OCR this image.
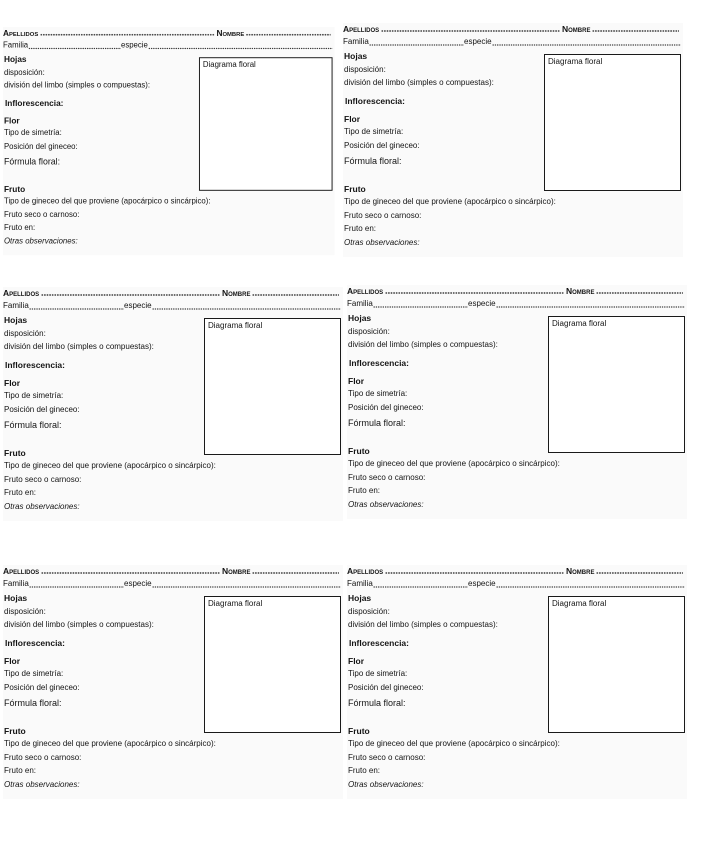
Apellidos	Nombre
Familia	especie
Hojas
disposición:
división del limbo (simples o compuestas):
Inflorescencia:
Flor
Tipo de simetría:
Posición del gineceo:
Fórmula floral:
Fruto
Tipo de gineceo del que proviene (apocárpico o sincárpico):
Fruto seco o carnoso:
Fruto en:
Otras observaciones:
Diagrama floral
Apellidos	Nombre
Familia	especie
Hojas
disposición:
división del limbo (simples o compuestas):
Inflorescencia:
Flor
Tipo de simetría:
Posición del gineceo:
Fórmula floral:
Fruto
Tipo de gineceo del que proviene (apocárpico o sincárpico):
Fruto seco o carnoso:
Fruto en:
Otras observaciones:
Diagrama floral
Apellidos	Nombre
Familia	especie
Hojas
disposición:
división del limbo (simples o compuestas):
Inflorescencia:
Flor
Tipo de simetría:
Posición del gineceo:
Fórmula floral:
Fruto
Tipo de gineceo del que proviene (apocárpico o sincárpico):
Fruto seco o carnoso:
Fruto en:
Otras observaciones:
Diagrama floral
Apellidos	Nombre
Familia	especie
Hojas
disposición:
división del limbo (simples o compuestas):
Inflorescencia:
Flor
Tipo de simetría:
Posición del gineceo:
Fórmula floral:
Fruto
Tipo de gineceo del que proviene (apocárpico o sincárpico):
Fruto seco o carnoso:
Fruto en:
Otras observaciones:
Diagrama floral
Apellidos	Nombre
Familia	especie
Hojas
disposición:
división del limbo (simples o compuestas):
Inflorescencia:
Flor
Tipo de simetría:
Posición del gineceo:
Fórmula floral:
Fruto
Tipo de gineceo del que proviene (apocárpico o sincárpico):
Fruto seco o carnoso:
Fruto en:
Otras observaciones:
Diagrama floral
Apellidos	Nombre
Familia	especie
Hojas
disposición:
división del limbo (simples o compuestas):
Inflorescencia:
Flor
Tipo de simetría:
Posición del gineceo:
Fórmula floral:
Fruto
Tipo de gineceo del que proviene (apocárpico o sincárpico):
Fruto seco o carnoso:
Fruto en:
Otras observaciones:
Diagrama floral
